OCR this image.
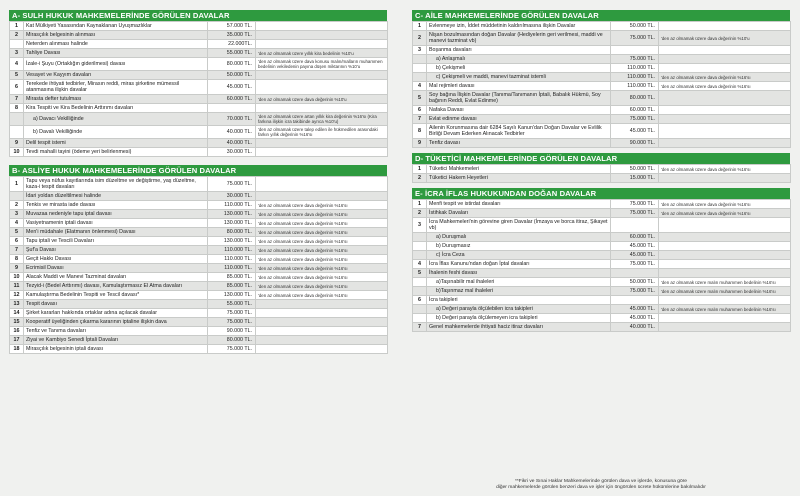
A- SULH HUKUK MAHKEMELERİNDE GÖRÜLEN DAVALAR
1	Kat Mülkiyeti Yasasından Kaynaklanan Uyuşmazlıklar	57.000 TL.	
2	Mirasçılık belgesinin alınması	35.000 TL.	
	Neterden alınması halinde	22.000TL.	
3	Tahliye Davası	55.000 TL.	'den az olmamak üzere yıllık kira bedelinin %10'u
4	İzale-i Şuyu (Ortaklığın giderilmesi) davası	80.000 TL.	'den az olmamak üzere dava konusu malın/malların muhammen bedelinin vekiledenin payına düşen miktarının %10'u
5	Vesayet ve Kayyım davaları	50.000 TL.	
6	Terekede ihtiyati tedbirler, Mirasın reddi, miras şirketine mümessil atanmasına ilişkin davalar	45.000 TL.	
7	Mirasta defter tutulması	60.000 TL.	'den az olmamak üzere dava değerinin %10'u
8	Kira Tespiti ve Kira Bedelinin Arttırımı davaları		
	a) Davacı Vekilliğinde	70.000 TL.	'den az olmamak üzere artan yıllık kira değerinin %16'sı (Kira farkına ilişkin icra takibinde ayrıca %10'u)
	b) Davalı Vekilliğinde	40.000 TL.	'den az olmamak üzere talep edilen ile hükmedilen arasındaki farkın yıllık değerinin %16'sı
9	Delil tespit istemi	40.000 TL.	
10	Tevdi mahalli tayini (ödeme yeri belirlenmesi)	30.000 TL.	
B- ASLİYE HUKUK MAHKEMELERİNDE GÖRÜLEN DAVALAR
1	Tapu veya nüfus kayıtlarında isim düzeltme ve değiştirme, yaş düzeltme, kaza-i tespit davaları	75.000 TL.	
	İdari yoldan düzeltilmesi halinde	30.000 TL.	
2	Tenkis ve mirasta iade davası	110.000 TL.	'den az olmamak üzere dava değerinin %16'sı
3	Muvazaa nedeniyle tapu iptal davası	130.000 TL.	'den az olmamak üzere dava değerinin %16'sı
4	Vasiyetnamenin iptali davası	130.000 TL.	'den az olmamak üzere dava değerinin %16'sı
5	Men'i müdahale (Elatmanın önlenmesi) Davası	80.000 TL.	'den az olmamak üzere dava değerinin %16'sı
6	Tapu iptali ve Tescili Davaları	130.000 TL.	'den az olmamak üzere dava değerinin %16'sı
7	Şuf'a Davası	110.000 TL.	'den az olmamak üzere dava değerinin %16'sı
8	Geçit Hakkı Davası	110.000 TL.	'den az olmamak üzere dava değerinin %16'sı
9	Ecrimisil Davası	110.000 TL.	'den az olmamak üzere dava değerinin %16'sı
10	Alacak Maddi ve Manevi Tazminat davaları	85.000 TL.	'den az olmamak üzere dava değerinin %16'sı
11	Tezyid-i (Bedel Arttırımı) davası, Kamulaştırmasız El Atma davaları	85.000 TL.	'den az olmamak üzere dava değerinin %16'sı
12	Kamulaştırma Bedelinin Tespiti ve Tescil davası*	130.000 TL.	'den az olmamak üzere dava değerinin %16'sı
13	Tespit davası	55.000 TL.	
14	Şirket kararları hakkında ortaklar adına açılacak davalar	75.000 TL.	
15	Kooperatif üyeliğinden çıkarma kararının iptaline ilişkin dava	75.000 TL.	
16	Tenfiz ve Tanıma davaları	90.000 TL.	
17	Ziyai ve Kambiyo Senedi İptali Davaları	80.000 TL.	
18	Mirasçılık belgesinin iptali davası	75.000 TL.	
C- AİLE MAHKEMELERİNDE GÖRÜLEN DAVALAR
1	Evlenmeye izin, İddet müddetinin kaldırılmasına ilişkin Davalar	50.000 TL.	
2	Nişan bozulmasından doğan Davalar (Hediyelerin geri verilmesi, maddi ve manevi tazminat vb)	75.000 TL.	'den az olmamak üzere dava değerinin %10'u
3	Boşanma davaları		
	a) Anlaşmalı	75.000 TL.	
	b) Çekişmeli	110.000 TL.	
	c) Çekişmeli ve maddi, manevi tazminat istemli	110.000 TL.	'den az olmamak üzere dava değerinin %16'sı
4	Mal rejimleri davası	110.000 TL.	'den az olmamak üzere dava değerinin %16'sı
5	Soy bağına İlişkin Davalar (Tanıma/Tanımanın İptali, Babalık Hükmü, Soy bağının Reddi, Evlat Edinme)	80.000 TL.	
6	Nafaka Davası	60.000 TL.	
7	Evlat edinme davası	75.000 TL.	
8	Ailenin Korunmasına dair 6284 Sayılı Kanun'dan Doğan Davalar ve Evlilik Birliği Devam Ederken Alınacak Tedbirler	45.000 TL.	
9	Tenfiz davası	90.000 TL.	
D- TÜKETİCİ MAHKEMELERİNDE GÖRÜLEN DAVALAR
1	Tüketici Mahkemeleri	50.000 TL.	'den az olmamak üzere dava değerinin %16'sı
2	Tüketici Hakem Heyetleri	15.000 TL.	
E- İCRA İFLAS HUKUKUNDAN DOĞAN DAVALAR
1	Menfi tespit ve istirdat davaları	75.000 TL.	'den az olmamak üzere dava değerinin %16'sı
2	İstihkak Davaları	75.000 TL.	'den az olmamak üzere dava değerinin %16'sı
3	İcra Mahkemeleri'nin görevine giren Davalar (İmzaya ve borca itiraz, Şikayet vb)		
	a) Duruşmalı	60.000 TL.	
	b) Duruşmasız	45.000 TL.	
	c) İcra Ceza	45.000 TL.	
4	İcra İflas Kanunu'ndan doğan İptal davaları	75.000 TL.	
5	İhalenin feshi davası		
	a)Taşınabilir mal ihaleleri	50.000 TL.	'den az olmamak üzere malın muhammen bedelinin %16'sı
	b)Taşınmaz mal ihaleleri	75.000 TL.	'den az olmamak üzere malın muhammen bedelinin %16'sı
6	İcra takipleri		
	a) Değeri parayla ölçülebilen icra takipleri	45.000 TL.	'den az olmamak üzere malın muhammen bedelinin %16'sı
	b) Değeri parayla ölçülemeyen icra takipleri	45.000 TL.	
7	Genel mahkemelerde ihtiyati haciz itiraz davaları	40.000 TL.	
**Fikri ve Sınai Haklar Mahkemelerinde görülen dava ve işlerde, konusuna göre
diğer mahkemelerde görülen benzeri dava ve işler için öngörülen ücrete hükümlerine bakılmalıdır
